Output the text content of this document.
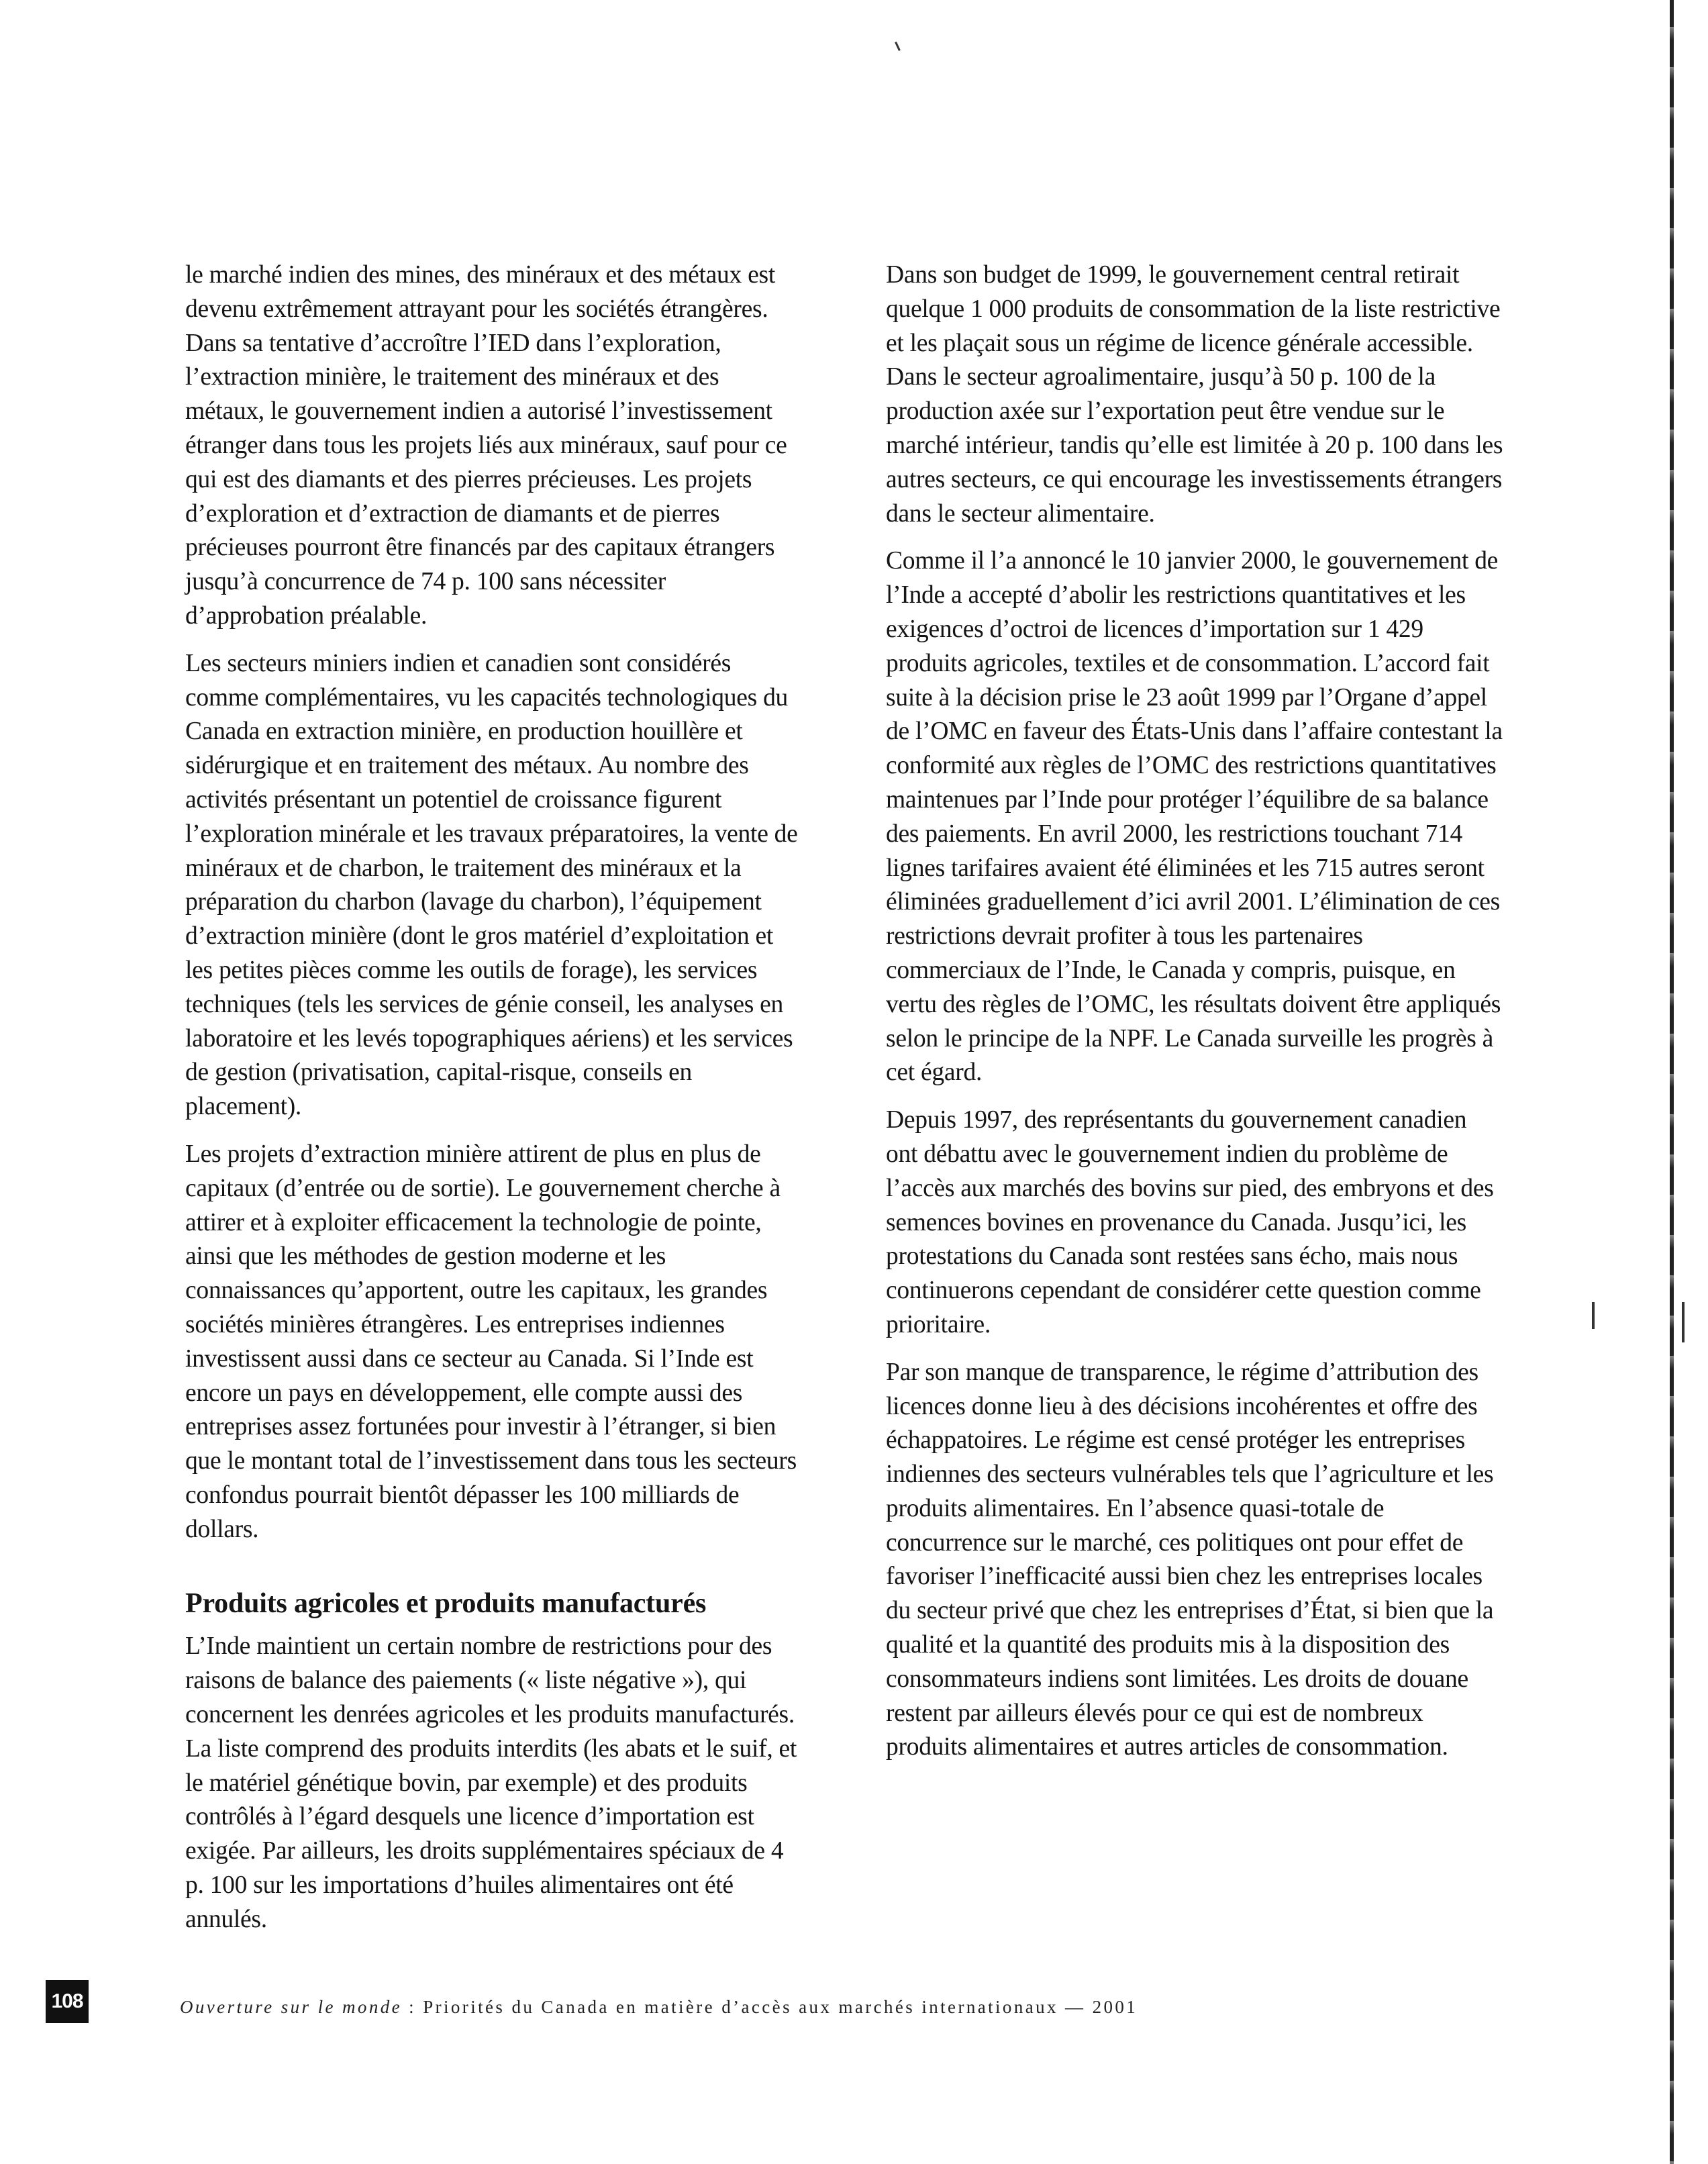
le marché indien des mines, des minéraux et des métaux est devenu extrêmement attrayant pour les sociétés étrangères. Dans sa tentative d’accroître l’IED dans l’exploration, l’extraction minière, le traitement des minéraux et des métaux, le gouvernement indien a autorisé l’investissement étranger dans tous les projets liés aux minéraux, sauf pour ce qui est des diamants et des pierres précieuses. Les projets d’exploration et d’extraction de diamants et de pierres précieuses pourront être financés par des capitaux étrangers jusqu’à concurrence de 74 p. 100 sans nécessiter d’approbation préalable.

Les secteurs miniers indien et canadien sont considérés comme complémentaires, vu les capacités technologiques du Canada en extraction minière, en production houillère et sidérurgique et en traitement des métaux. Au nombre des activités présentant un potentiel de croissance figurent l’exploration minérale et les travaux préparatoires, la vente de minéraux et de charbon, le traitement des minéraux et la préparation du charbon (lavage du charbon), l’équipement d’extraction minière (dont le gros matériel d’exploitation et les petites pièces comme les outils de forage), les services techniques (tels les services de génie conseil, les analyses en laboratoire et les levés topographiques aériens) et les services de gestion (privatisation, capital-risque, conseils en placement).

Les projets d’extraction minière attirent de plus en plus de capitaux (d’entrée ou de sortie). Le gouvernement cherche à attirer et à exploiter efficacement la technologie de pointe, ainsi que les méthodes de gestion moderne et les connaissances qu’apportent, outre les capitaux, les grandes sociétés minières étrangères. Les entreprises indiennes investissent aussi dans ce secteur au Canada. Si l’Inde est encore un pays en développement, elle compte aussi des entreprises assez fortunées pour investir à l’étranger, si bien que le montant total de l’investissement dans tous les secteurs confondus pourrait bientôt dépasser les 100 milliards de dollars.

Produits agricoles et produits manufacturés

L’Inde maintient un certain nombre de restrictions pour des raisons de balance des paiements (« liste négative »), qui concernent les denrées agricoles et les produits manufacturés. La liste comprend des produits interdits (les abats et le suif, et le matériel génétique bovin, par exemple) et des produits contrôlés à l’égard desquels une licence d’importation est exigée. Par ailleurs, les droits supplémentaires spéciaux de 4 p. 100 sur les importations d’huiles alimentaires ont été annulés.

Dans son budget de 1999, le gouvernement central retirait quelque 1 000 produits de consommation de la liste restrictive et les plaçait sous un régime de licence générale accessible. Dans le secteur agroalimentaire, jusqu’à 50 p. 100 de la production axée sur l’exportation peut être vendue sur le marché intérieur, tandis qu’elle est limitée à 20 p. 100 dans les autres secteurs, ce qui encourage les investissements étrangers dans le secteur alimentaire.

Comme il l’a annoncé le 10 janvier 2000, le gouvernement de l’Inde a accepté d’abolir les restrictions quantitatives et les exigences d’octroi de licences d’importation sur 1 429 produits agricoles, textiles et de consommation. L’accord fait suite à la décision prise le 23 août 1999 par l’Organe d’appel de l’OMC en faveur des États-Unis dans l’affaire contestant la conformité aux règles de l’OMC des restrictions quantitatives maintenues par l’Inde pour protéger l’équilibre de sa balance des paiements. En avril 2000, les restrictions touchant 714 lignes tarifaires avaient été éliminées et les 715 autres seront éliminées graduellement d’ici avril 2001. L’élimination de ces restrictions devrait profiter à tous les partenaires commerciaux de l’Inde, le Canada y compris, puisque, en vertu des règles de l’OMC, les résultats doivent être appliqués selon le principe de la NPF. Le Canada surveille les progrès à cet égard.

Depuis 1997, des représentants du gouvernement canadien ont débattu avec le gouvernement indien du problème de l’accès aux marchés des bovins sur pied, des embryons et des semences bovines en provenance du Canada. Jusqu’ici, les protestations du Canada sont restées sans écho, mais nous continuerons cependant de considérer cette question comme prioritaire.

Par son manque de transparence, le régime d’attribution des licences donne lieu à des décisions incohérentes et offre des échappatoires. Le régime est censé protéger les entreprises indiennes des secteurs vulnérables tels que l’agriculture et les produits alimentaires. En l’absence quasi-totale de concurrence sur le marché, ces politiques ont pour effet de favoriser l’inefficacité aussi bien chez les entreprises locales du secteur privé que chez les entreprises d’État, si bien que la qualité et la quantité des produits mis à la disposition des consommateurs indiens sont limitées. Les droits de douane restent par ailleurs élevés pour ce qui est de nombreux produits alimentaires et autres articles de consommation.

108	Ouverture sur le monde : Priorités du Canada en matière d’accès aux marchés internationaux — 2001
